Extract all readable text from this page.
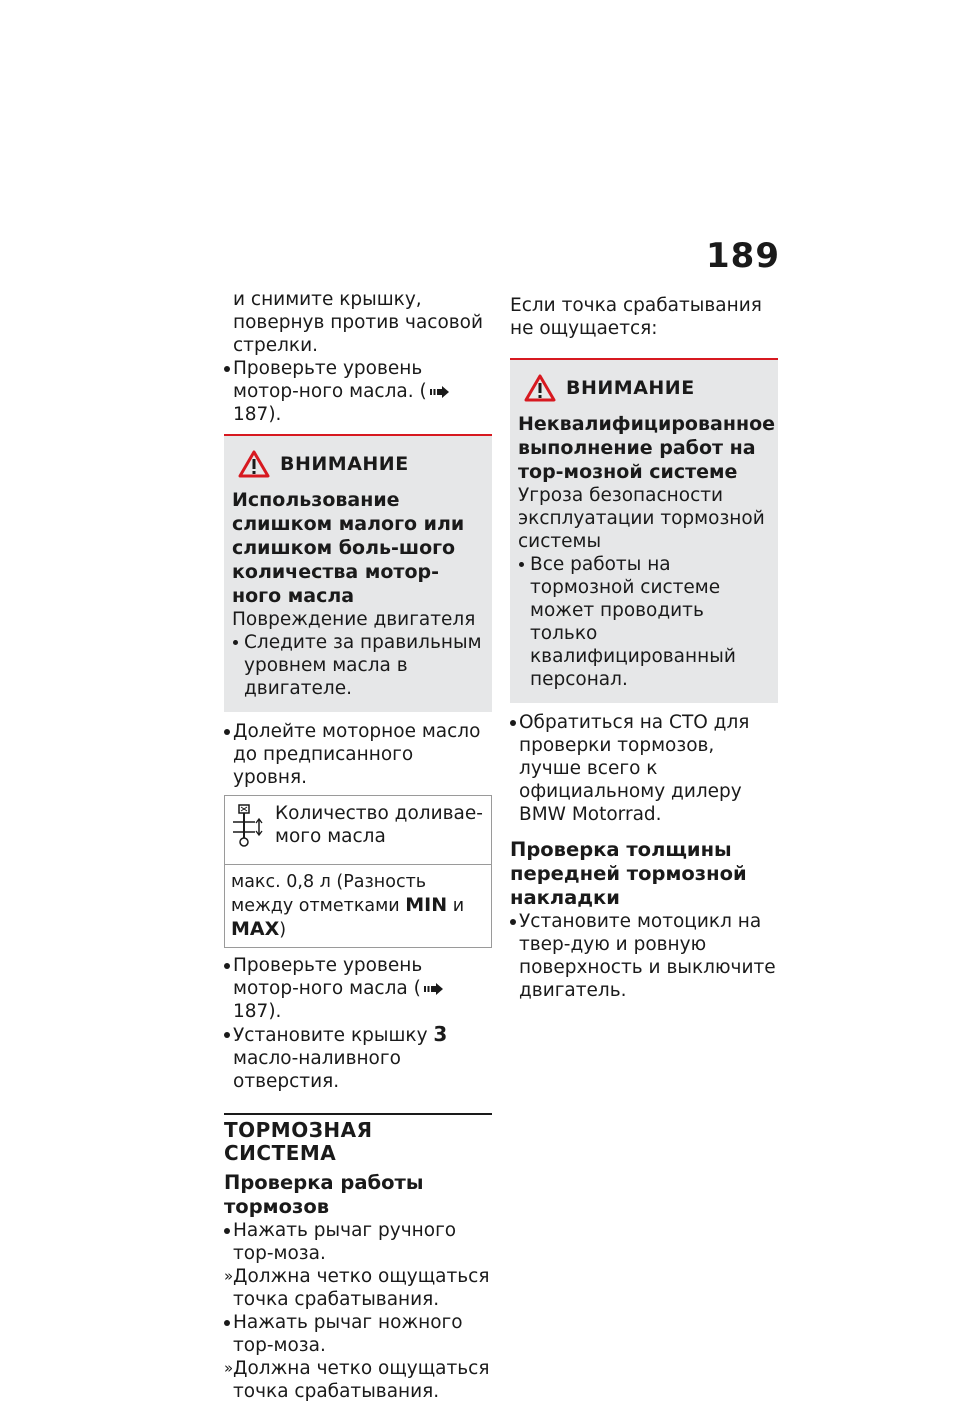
189

и снимите крышку, повернув против часовой стрелки.

Проверьте уровень мотор-ного масла. (187).
ВНИМАНИЕ

Использование слишком малого или слишком боль-шого количества мотор-ного масла

Повреждение двигателя

Следите за правильным уровнем масла в двигателе.
Долейте моторное масло до предписанного уровня.
Количество доливае-мого масла
макс. 0,8 л (Разность между отметками MIN и MAX)
Проверьте уровень мотор-ного масла (187).
Установите крышку 3 масло-наливного отверстия.
ТОРМОЗНАЯ СИСТЕМА
Проверка работы тормозов
Нажать рычаг ручного тор-моза.
» Должна четко ощущаться точка срабатывания.
Нажать рычаг ножного тор-моза.
» Должна четко ощущаться точка срабатывания.

Если точка срабатывания не ощущается:

ВНИМАНИЕ

Неквалифицированное выполнение работ на тор-мозной системе

Угроза безопасности эксплуатации тормозной системы

Все работы на тормозной системе может проводить только квалифицированный персонал.
Обратиться на СТО для проверки тормозов, лучше всего к официальному дилеру BMW Motorrad.
Проверка толщины передней тормозной накладки
Установите мотоцикл на твер-дую и ровную поверхность и выключите двигатель.
